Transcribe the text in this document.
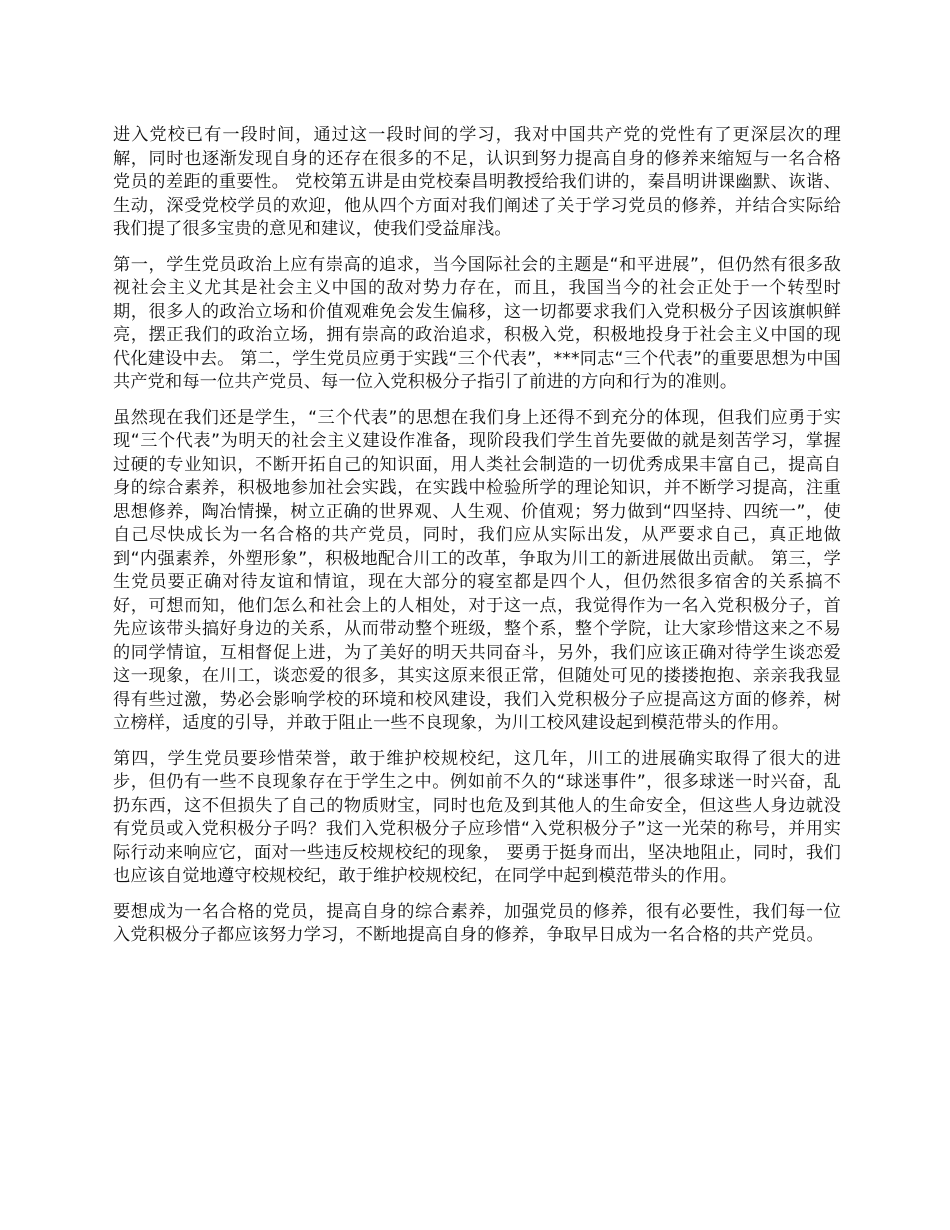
进入党校已有一段时间，通过这一段时间的学习，我对中国共产党的党性有了更深层次的理解，同时也逐渐发现自身的还存在很多的不足，认识到努力提高自身的修养来缩短与一名合格党员的差距的重要性。 党校第五讲是由党校秦昌明教授给我们讲的，秦昌明讲课幽默、诙谐、生动，深受党校学员的欢迎，他从四个方面对我们阐述了关于学习党员的修养，并结合实际给我们提了很多宝贵的意见和建议，使我们受益扉浅。

第一，学生党员政治上应有崇高的追求，当今国际社会的主题是“和平进展”，但仍然有很多敌视社会主义尤其是社会主义中国的敌对势力存在，而且，我国当今的社会正处于一个转型时期，很多人的政治立场和价值观难免会发生偏移，这一切都要求我们入党积极分子因该旗帜鲜亮，摆正我们的政治立场，拥有崇高的政治追求，积极入党，积极地投身于社会主义中国的现代化建设中去。 第二，学生党员应勇于实践“三个代表”，***同志“三个代表”的重要思想为中国共产党和每一位共产党员、每一位入党积极分子指引了前进的方向和行为的准则。

虽然现在我们还是学生，“三个代表”的思想在我们身上还得不到充分的体现，但我们应勇于实现“三个代表”为明天的社会主义建设作准备，现阶段我们学生首先要做的就是刻苦学习，掌握过硬的专业知识，不断开拓自己的知识面，用人类社会制造的一切优秀成果丰富自己，提高自身的综合素养，积极地参加社会实践，在实践中检验所学的理论知识，并不断学习提高，注重思想修养，陶冶情操，树立正确的世界观、人生观、价值观；努力做到“四坚持、四统一”，使自己尽快成长为一名合格的共产党员，同时，我们应从实际出发，从严要求自己，真正地做到“内强素养，外塑形象”，积极地配合川工的改革，争取为川工的新进展做出贡献。 第三，学生党员要正确对待友谊和情谊，现在大部分的寝室都是四个人，但仍然很多宿舍的关系搞不好，可想而知，他们怎么和社会上的人相处，对于这一点，我觉得作为一名入党积极分子，首先应该带头搞好身边的关系，从而带动整个班级，整个系，整个学院，让大家珍惜这来之不易的同学情谊，互相督促上进，为了美好的明天共同奋斗，另外，我们应该正确对待学生谈恋爱这一现象，在川工，谈恋爱的很多，其实这原来很正常，但随处可见的搂搂抱抱、亲亲我我显得有些过激，势必会影响学校的环境和校风建设，我们入党积极分子应提高这方面的修养，树立榜样，适度的引导，并敢于阻止一些不良现象，为川工校风建设起到模范带头的作用。

第四，学生党员要珍惜荣誉，敢于维护校规校纪，这几年，川工的进展确实取得了很大的进步，但仍有一些不良现象存在于学生之中。例如前不久的“球迷事件”，很多球迷一时兴奋，乱扔东西，这不但损失了自己的物质财宝，同时也危及到其他人的生命安全，但这些人身边就没有党员或入党积极分子吗？我们入党积极分子应珍惜“入党积极分子”这一光荣的称号，并用实际行动来响应它，面对一些违反校规校纪的现象， 要勇于挺身而出，坚决地阻止，同时，我们也应该自觉地遵守校规校纪，敢于维护校规校纪，在同学中起到模范带头的作用。

要想成为一名合格的党员，提高自身的综合素养，加强党员的修养，很有必要性，我们每一位入党积极分子都应该努力学习，不断地提高自身的修养，争取早日成为一名合格的共产党员。
